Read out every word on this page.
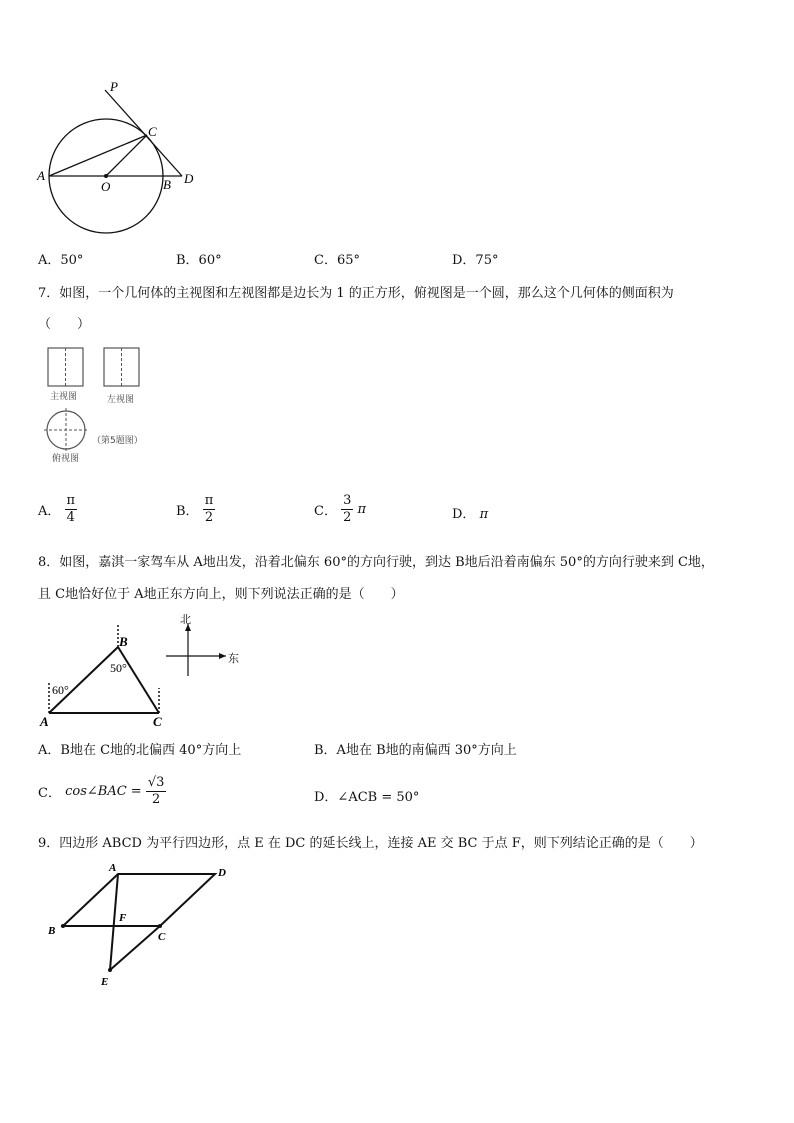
P
C
A
O	B D
A．50°	B．60°	C．65°	D．75°
7．如图，一个几何体的主视图和左视图都是边长为 1 的正方形，俯视图是一个圆，那么这个几何体的侧面积为
（　　）
主视图	左视图
俯视图
（第5题图）
A． $\frac{\pi}{4}$	B． $\frac{\pi}{2}$	C． $\frac{3}{2}$ π	D． π
8．如图，嘉淇一家驾车从 A地出发，沿着北偏东 60°的方向行驶，到达 B地后沿着南偏东 50°的方向行驶来到 C地，
且 C地恰好位于 A地正东方向上，则下列说法正确的是（　　）
60°
50°
A
B
C
北
东
A．B地在 C地的北偏西 40°方向上	B．A地在 B地的南偏西 30°方向上
C． cos∠BAC = $\frac{√3}{2}$	D．∠ACB = 50°
9．四边形 ABCD 为平行四边形，点 E 在 DC 的延长线上，连接 AE 交 BC 于点 F，则下列结论正确的是（　　）
A	D
B
F
C
E
